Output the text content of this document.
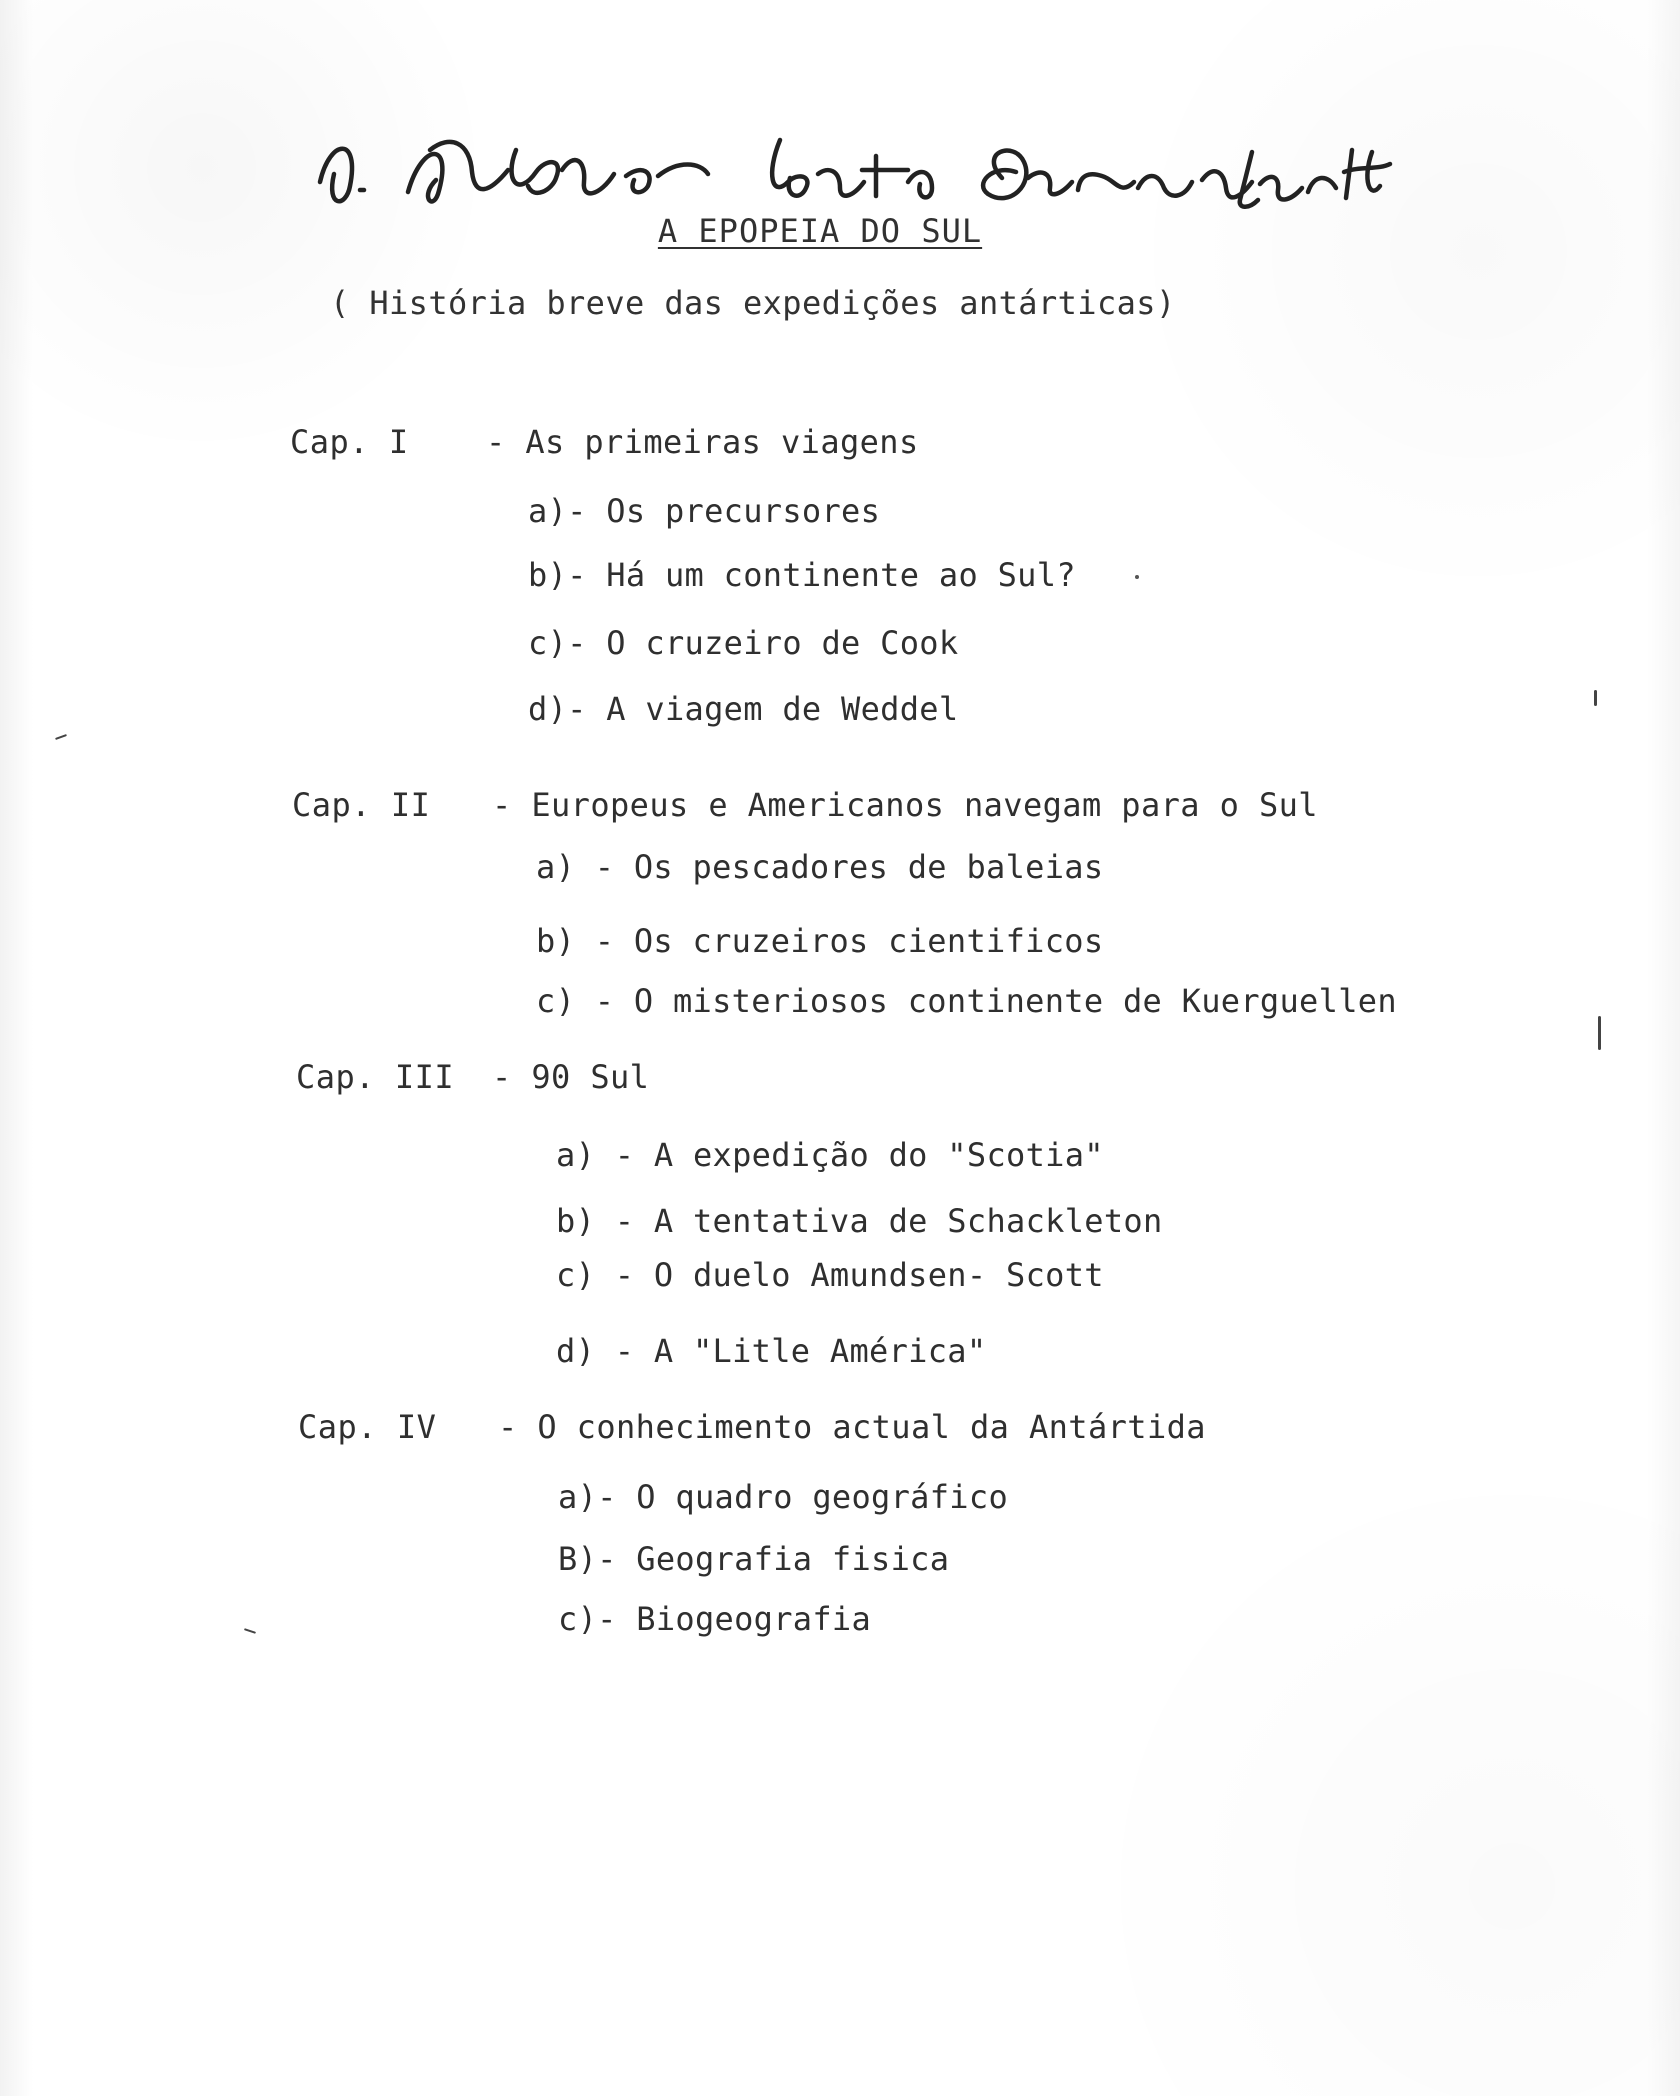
A EPOPEIA DO SUL
( História breve das expedições antárticas)
Cap. I - As primeiras viagens
a)- Os precursores
b)- Há um continente ao Sul?
c)- O cruzeiro de Cook
d)- A viagem de Weddel
Cap. II - Europeus e Americanos navegam para o Sul
a) - Os pescadores de baleias
b) - Os cruzeiros cientificos
c) - O misteriosos continente de Kuerguellen
Cap. III - 90 Sul
a) - A expedição do "Scotia"
b) - A tentativa de Schackleton
c) - O duelo Amundsen- Scott
d) - A "Litle América"
Cap. IV - O conhecimento actual da Antártida
a)- O quadro geográfico
B)- Geografia fisica
c)- Biogeografia
